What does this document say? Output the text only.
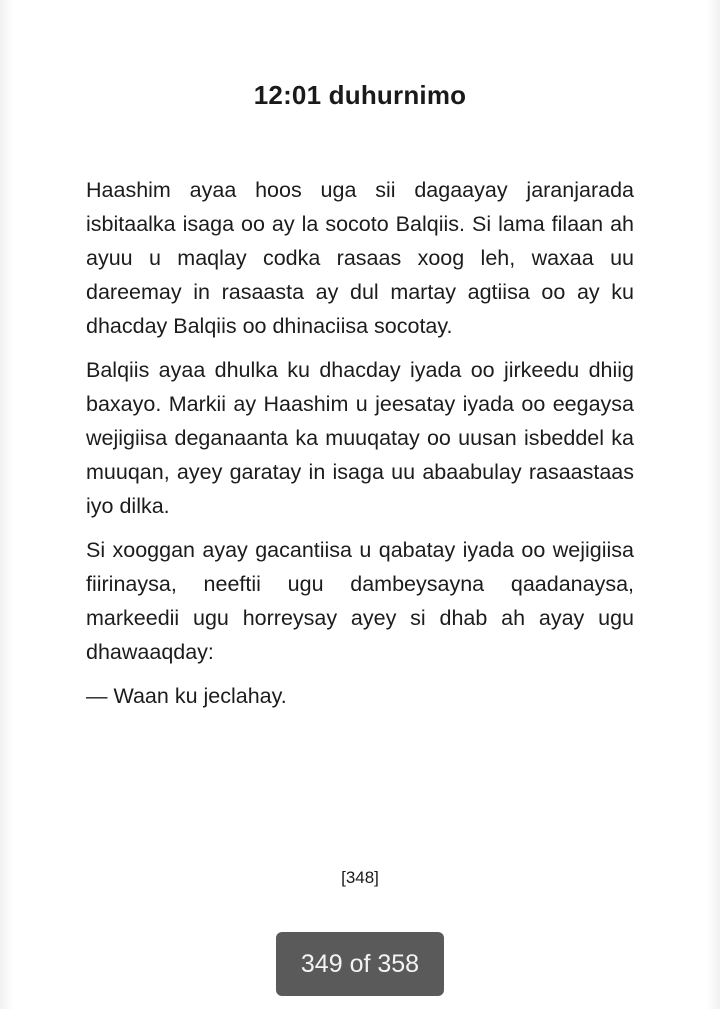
12:01 duhurnimo

Haashim ayaa hoos uga sii dagaayay jaranjarada isbitaalka isaga oo ay la socoto Balqiis. Si lama filaan ah ayuu u maqlay codka rasaas xoog leh, waxaa uu dareemay in rasaasta ay dul martay agtiisa oo ay ku dhacday Balqiis oo dhinaciisa socotay.

Balqiis ayaa dhulka ku dhacday iyada oo jirkeedu dhiig baxayo. Markii ay Haashim u jeesatay iyada oo eegaysa wejigiisa deganaanta ka muuqatay oo uusan isbeddel ka muuqan, ayey garatay in isaga uu abaabulay rasaastaas iyo dilka.

Si xooggan ayay gacantiisa u qabatay iyada oo wejigiisa fiirinaysa, neeftii ugu dambeysayna qaadanaysa, markeedii ugu horreysay ayey si dhab ah ayay ugu dhawaaqday:

— Waan ku jeclahay.

[348]
349 of 358
